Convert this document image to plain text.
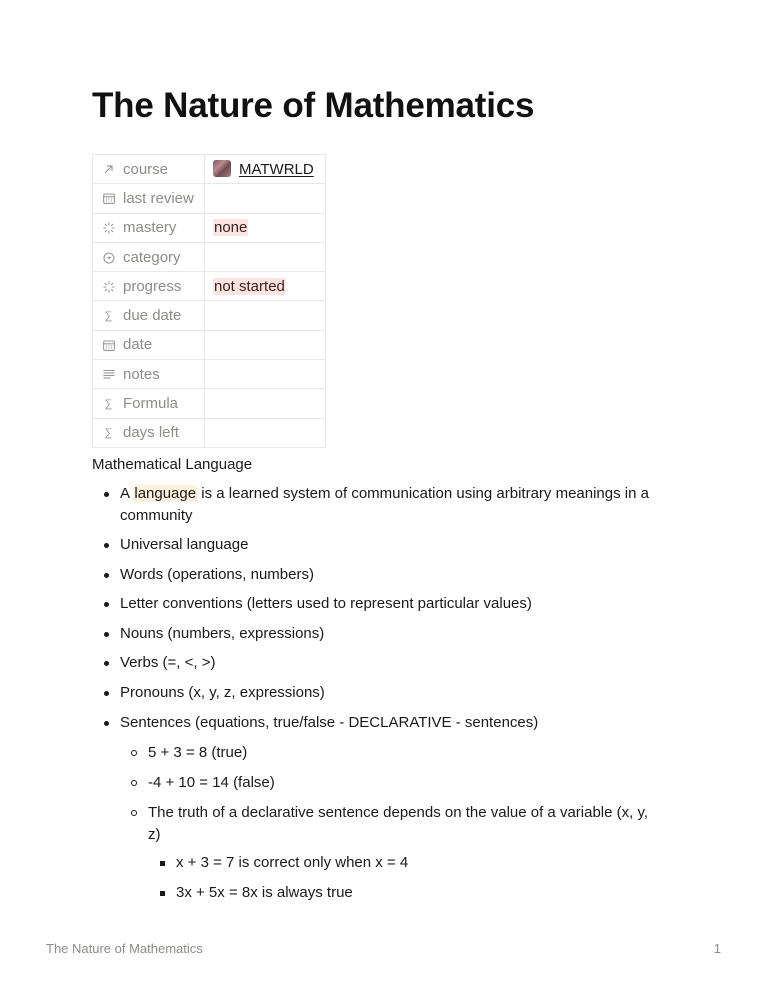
The Nature of Mathematics
course	MATWRLD

last review	

mastery	none

category	

progress	not started
∑ due date	

date	

notes	
∑ Formula	
∑ days left	
Mathematical Language
A language is a learned system of communication using arbitrary meanings in a
community
Universal language
Words (operations, numbers)
Letter conventions (letters used to represent particular values)
Nouns (numbers, expressions)
Verbs (=, <, >)
Pronouns (x, y, z, expressions)
Sentences (equations, true/false - DECLARATIVE - sentences)
5 + 3 = 8 (true)
-4 + 10 = 14 (false)
The truth of a declarative sentence depends on the value of a variable (x, y,
z)
x + 3 = 7 is correct only when x = 4
3x + 5x = 8x is always true
The Nature of Mathematics	1
